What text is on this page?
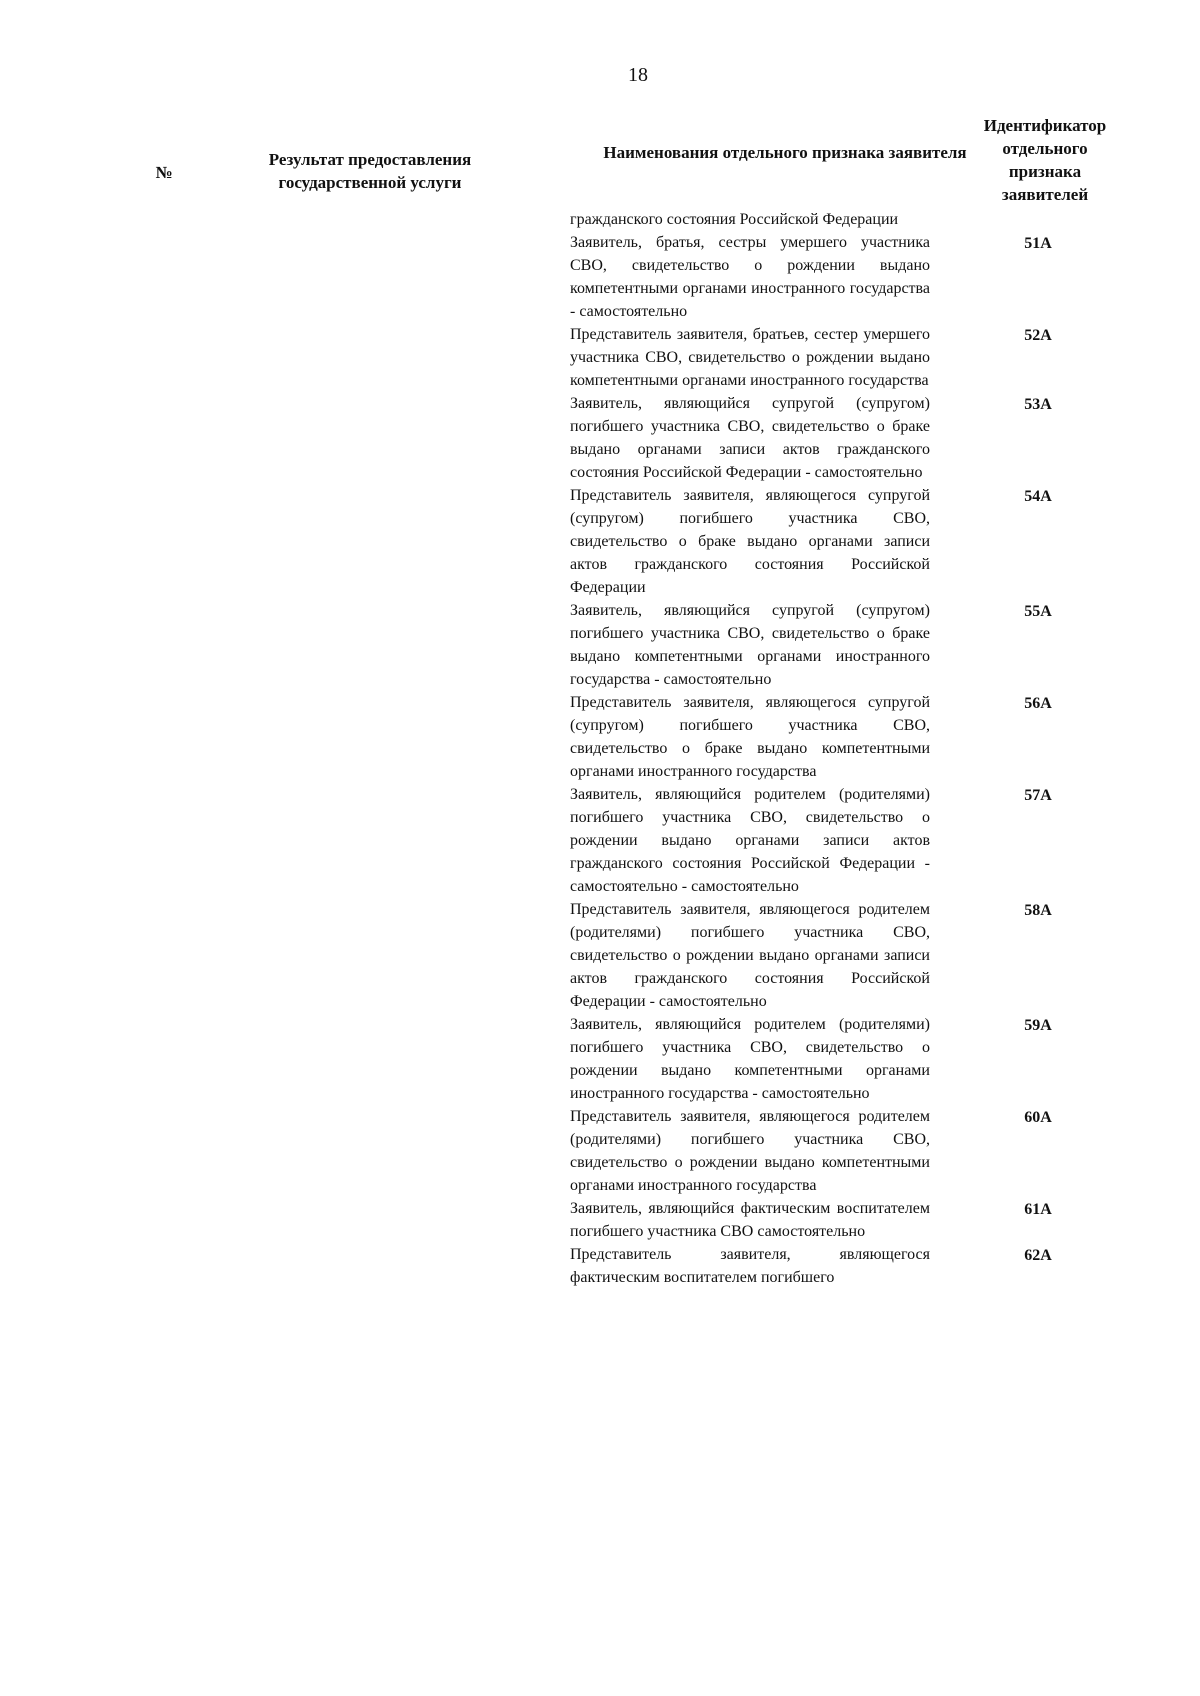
18
№
Результат предоставления государственной услуги
Наименования отдельного признака заявителя
Идентификатор отдельного признака заявителей

гражданского состояния Российской Федерации

Заявитель, братья, сестры умершего участника СВО, свидетельство о рождении выдано компетентными органами иностранного государства - самостоятельно

51А

Представитель заявителя, братьев, сестер умершего участника СВО, свидетельство о рождении выдано компетентными органами иностранного государства

52А

Заявитель, являющийся супругой (супругом) погибшего участника СВО, свидетельство о браке выдано органами записи актов гражданского состояния Российской Федерации - самостоятельно

53А

Представитель заявителя, являющегося супругой (супругом) погибшего участника СВО, свидетельство о браке выдано органами записи актов гражданского состояния Российской Федерации

54А

Заявитель, являющийся супругой (супругом) погибшего участника СВО, свидетельство о браке выдано компетентными органами иностранного государства - самостоятельно

55А

Представитель заявителя, являющегося супругой (супругом) погибшего участника СВО, свидетельство о браке выдано компетентными органами иностранного государства

56А

Заявитель, являющийся родителем (родителями) погибшего участника СВО, свидетельство о рождении выдано органами записи актов гражданского состояния Российской Федерации - самостоятельно - самостоятельно

57А

Представитель заявителя, являющегося родителем (родителями) погибшего участника СВО, свидетельство о рождении выдано органами записи актов гражданского состояния Российской Федерации - самостоятельно

58А

Заявитель, являющийся родителем (родителями) погибшего участника СВО, свидетельство о рождении выдано компетентными органами иностранного государства - самостоятельно

59А

Представитель заявителя, являющегося родителем (родителями) погибшего участника СВО, свидетельство о рождении выдано компетентными органами иностранного государства

60А

Заявитель, являющийся фактическим воспитателем погибшего участника СВО самостоятельно

61А

Представитель заявителя, являющегося фактическим воспитателем погибшего

62А
